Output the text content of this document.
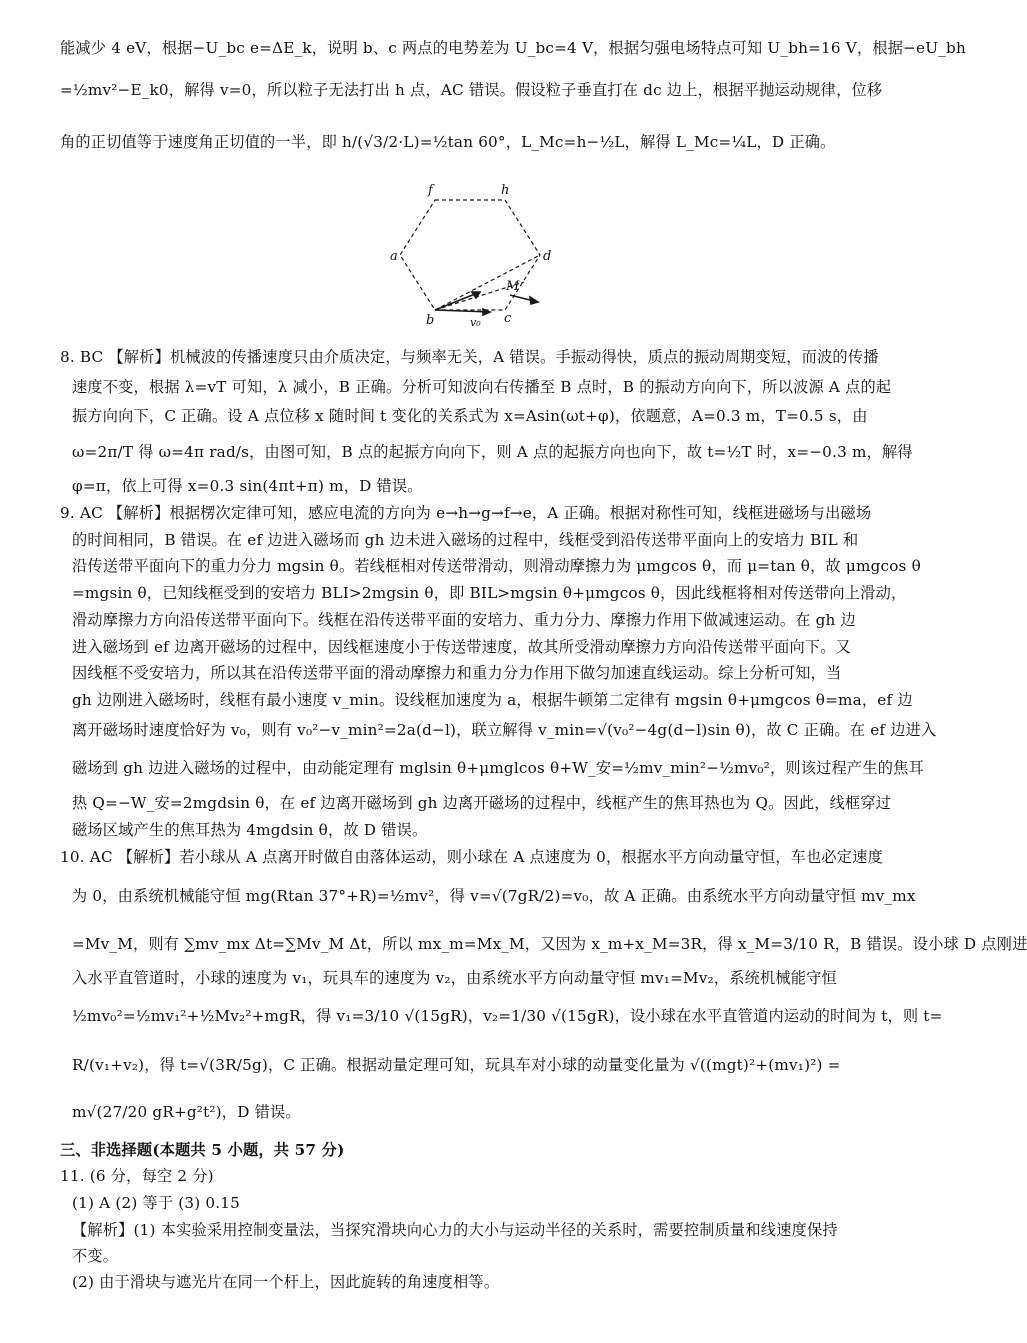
能减少 4 eV，根据−U_bc e=ΔE_k，说明 b、c 两点的电势差为 U_bc=4 V，根据匀强电场特点可知 U_bh=16 V，根据−eU_bh
=½mv²−E_k0，解得 v=0，所以粒子无法打出 h 点，AC 错误。假设粒子垂直打在 dc 边上，根据平抛运动规律，位移
角的正切值等于速度角正切值的一半，即 h/(√3/2·L)=½tan 60°，L_Mc=h−½L，解得 L_Mc=¼L，D 正确。
f	h
a	d
b	c
M
v₀
8. BC 【解析】机械波的传播速度只由介质决定，与频率无关，A 错误。手振动得快，质点的振动周期变短，而波的传播
速度不变，根据 λ=vT 可知，λ 减小，B 正确。分析可知波向右传播至 B 点时，B 的振动方向向下，所以波源 A 点的起
振方向向下，C 正确。设 A 点位移 x 随时间 t 变化的关系式为 x=Asin(ωt+φ)，依题意，A=0.3 m，T=0.5 s，由
ω=2π/T 得 ω=4π rad/s，由图可知，B 点的起振方向向下，则 A 点的起振方向也向下，故 t=½T 时，x=−0.3 m，解得
φ=π，依上可得 x=0.3 sin(4πt+π) m，D 错误。
9. AC 【解析】根据楞次定律可知，感应电流的方向为 e→h→g→f→e，A 正确。根据对称性可知，线框进磁场与出磁场
的时间相同，B 错误。在 ef 边进入磁场而 gh 边未进入磁场的过程中，线框受到沿传送带平面向上的安培力 BIL 和
沿传送带平面向下的重力分力 mgsin θ。若线框相对传送带滑动，则滑动摩擦力为 μmgcos θ，而 μ=tan θ，故 μmgcos θ
=mgsin θ，已知线框受到的安培力 BLI>2mgsin θ，即 BIL>mgsin θ+μmgcos θ，因此线框将相对传送带向上滑动，
滑动摩擦力方向沿传送带平面向下。线框在沿传送带平面的安培力、重力分力、摩擦力作用下做减速运动。在 gh 边
进入磁场到 ef 边离开磁场的过程中，因线框速度小于传送带速度，故其所受滑动摩擦力方向沿传送带平面向下。又
因线框不受安培力，所以其在沿传送带平面的滑动摩擦力和重力分力作用下做匀加速直线运动。综上分析可知，当
gh 边刚进入磁场时，线框有最小速度 v_min。设线框加速度为 a，根据牛顿第二定律有 mgsin θ+μmgcos θ=ma，ef 边
离开磁场时速度恰好为 v₀，则有 v₀²−v_min²=2a(d−l)，联立解得 v_min=√(v₀²−4g(d−l)sin θ)，故 C 正确。在 ef 边进入
磁场到 gh 边进入磁场的过程中，由动能定理有 mglsin θ+μmglcos θ+W_安=½mv_min²−½mv₀²，则该过程产生的焦耳
热 Q=−W_安=2mgdsin θ，在 ef 边离开磁场到 gh 边离开磁场的过程中，线框产生的焦耳热也为 Q。因此，线框穿过
磁场区域产生的焦耳热为 4mgdsin θ，故 D 错误。
10. AC 【解析】若小球从 A 点离开时做自由落体运动，则小球在 A 点速度为 0，根据水平方向动量守恒，车也必定速度
为 0，由系统机械能守恒 mg(Rtan 37°+R)=½mv²，得 v=√(7gR/2)=v₀，故 A 正确。由系统水平方向动量守恒 mv_mx
=Mv_M，则有 ∑mv_mx Δt=∑Mv_M Δt，所以 mx_m=Mx_M，又因为 x_m+x_M=3R，得 x_M=3/10 R，B 错误。设小球 D 点刚进
入水平直管道时，小球的速度为 v₁，玩具车的速度为 v₂，由系统水平方向动量守恒 mv₁=Mv₂，系统机械能守恒
½mv₀²=½mv₁²+½Mv₂²+mgR，得 v₁=3/10 √(15gR)，v₂=1/30 √(15gR)，设小球在水平直管道内运动的时间为 t，则 t=
R/(v₁+v₂)，得 t=√(3R/5g)，C 正确。根据动量定理可知，玩具车对小球的动量变化量为 √((mgt)²+(mv₁)²) =
m√(27/20 gR+g²t²)，D 错误。
三、非选择题(本题共 5 小题，共 57 分)
11. (6 分，每空 2 分)
(1) A (2) 等于 (3) 0.15
【解析】(1) 本实验采用控制变量法，当探究滑块向心力的大小与运动半径的关系时，需要控制质量和线速度保持
不变。
(2) 由于滑块与遮光片在同一个杆上，因此旋转的角速度相等。
